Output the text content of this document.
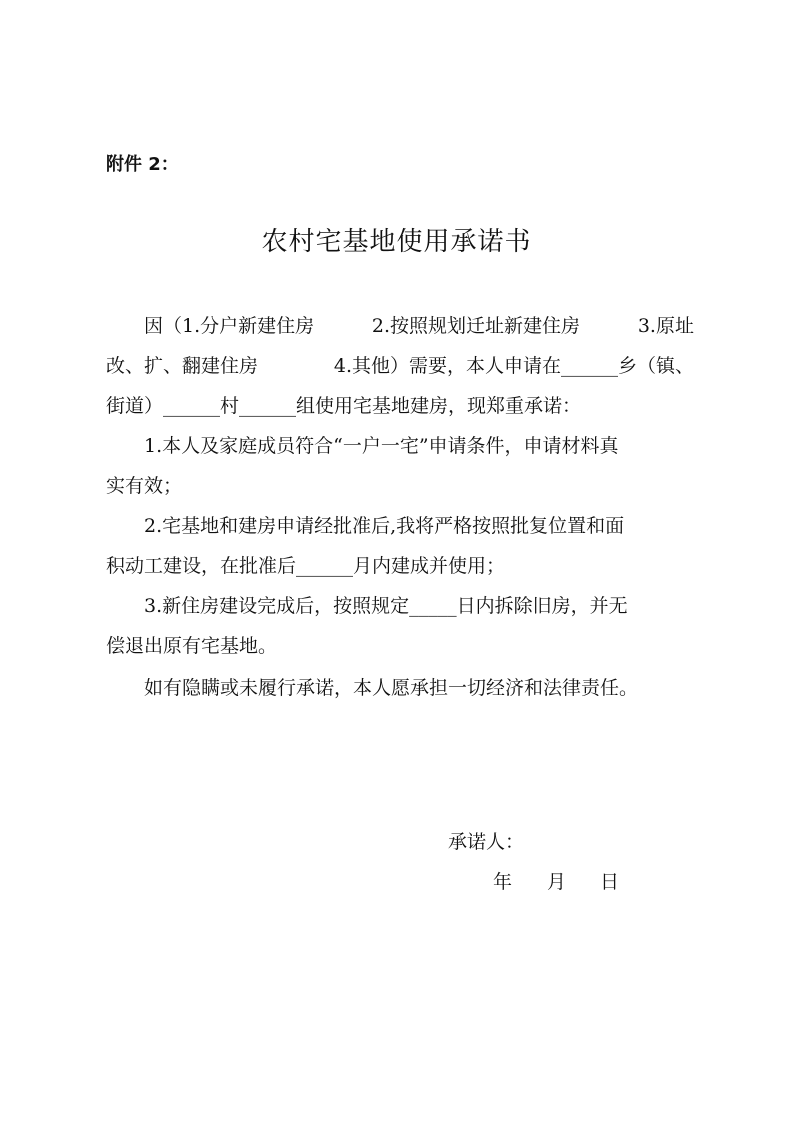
附件 2：
农村宅基地使用承诺书
因（1.分户新建住房	2.按照规划迁址新建住房	3.原址
改、扩、翻建住房	4.其他）需要，本人申请在______乡（镇、
街道）______村______组使用宅基地建房，现郑重承诺：
1.本人及家庭成员符合“一户一宅”申请条件，申请材料真
实有效；
2.宅基地和建房申请经批准后,我将严格按照批复位置和面
积动工建设，在批准后______月内建成并使用；
3.新住房建设完成后，按照规定_____日内拆除旧房，并无
偿退出原有宅基地。
如有隐瞒或未履行承诺，本人愿承担一切经济和法律责任。
承诺人：
年 月 日
